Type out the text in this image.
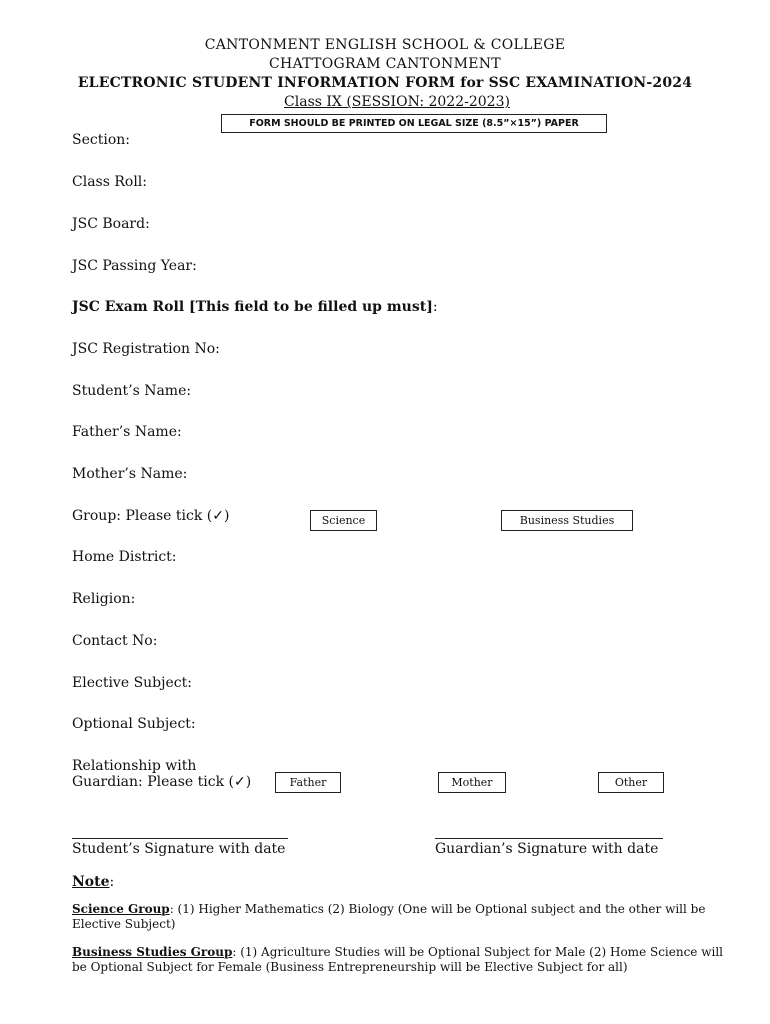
CANTONMENT ENGLISH SCHOOL & COLLEGE
CHATTOGRAM CANTONMENT
ELECTRONIC STUDENT INFORMATION FORM for SSC EXAMINATION-2024
Class IX (SESSION: 2022-2023)
FORM SHOULD BE PRINTED ON LEGAL SIZE (8.5”×15”) PAPER
Section:
Class Roll:
JSC Board:
JSC Passing Year:
JSC Exam Roll [This field to be filled up must]:
JSC Registration No:
Student’s Name:
Father’s Name:
Mother’s Name:
Group: Please tick (✓)	Science	Business Studies
Home District:
Religion:
Contact No:
Elective Subject:
Optional Subject:
Relationship with
Guardian: Please tick (✓)	Father	Mother	Other
Student’s Signature with date	Guardian’s Signature with date
Note:
Science Group: (1) Higher Mathematics (2) Biology (One will be Optional subject and the other will be Elective Subject)
Business Studies Group: (1) Agriculture Studies will be Optional Subject for Male (2) Home Science will be Optional Subject for Female (Business Entrepreneurship will be Elective Subject for all)
